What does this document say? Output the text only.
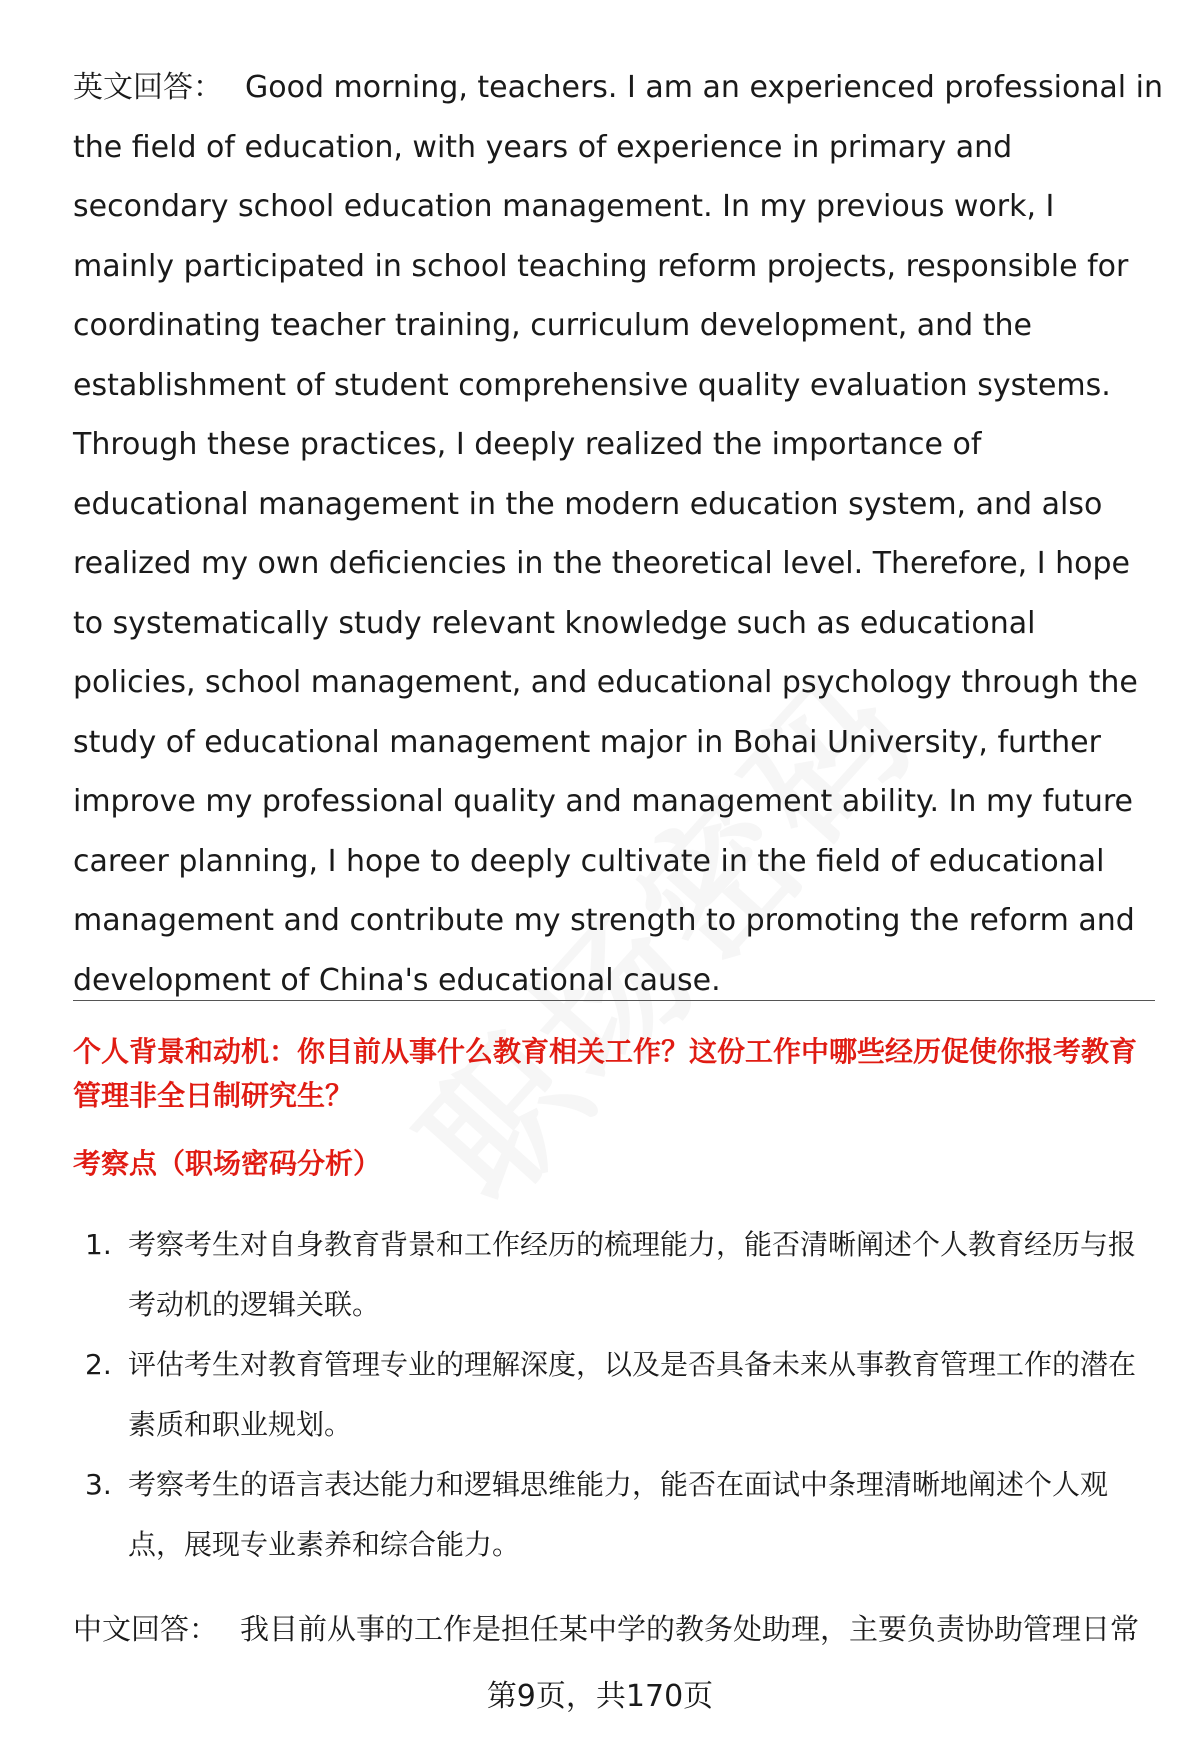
英文回答： Good morning, teachers. I am an experienced professional in the field of education, with years of experience in primary and secondary school education management. In my previous work, I mainly participated in school teaching reform projects, responsible for coordinating teacher training, curriculum development, and the establishment of student comprehensive quality evaluation systems. Through these practices, I deeply realized the importance of educational management in the modern education system, and also realized my own deficiencies in the theoretical level. Therefore, I hope to systematically study relevant knowledge such as educational policies, school management, and educational psychology through the study of educational management major in Bohai University, further improve my professional quality and management ability. In my future career planning, I hope to deeply cultivate in the field of educational management and contribute my strength to promoting the reform and development of China's educational cause.
个人背景和动机：你目前从事什么教育相关工作？这份工作中哪些经历促使你报考教育管理非全日制研究生？
考察点（职场密码分析）
1. 考察考生对自身教育背景和工作经历的梳理能力，能否清晰阐述个人教育经历与报考动机的逻辑关联。
2. 评估考生对教育管理专业的理解深度，以及是否具备未来从事教育管理工作的潜在素质和职业规划。
3. 考察考生的语言表达能力和逻辑思维能力，能否在面试中条理清晰地阐述个人观点，展现专业素养和综合能力。
中文回答： 我目前从事的工作是担任某中学的教务处助理，主要负责协助管理日常
第9页，共170页
